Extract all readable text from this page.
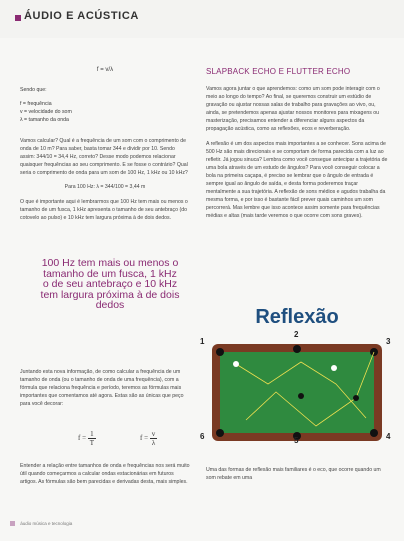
ÁUDIO E ACÚSTICA
f = v/λ
Sendo que:
f = frequência
v = velocidade do som
λ = tamanho da onda

Vamos calcular? Qual é a frequência de um som com o comprimento de onda de 10 m? Para saber, basta tomar 344 e dividir por 10. Sendo assim: 344/10 = 34,4 Hz, correto? Desse modo podemos relacionar quaisquer frequências ao seu comprimento. E se fosse o contrário? Qual seria o comprimento de onda para um som de 100 Hz, 1 kHz ou 10 kHz?

Para 100 Hz: λ = 344/100 = 3,44 m

O que é importante aqui é lembrarmos que 100 Hz tem mais ou menos o tamanho de um fusca, 1 kHz apresenta o tamanho de seu antebraço (do cotovelo ao pulso) e 10 kHz tem largura próxima à de dois dedos.

100 Hz tem mais ou menos o tamanho de um fusca, 1 kHz o de seu antebraço e 10 kHz tem largura próxima à de dois dedos

Juntando esta nova informação, de como calcular a frequência de um tamanho de onda (ou o tamanho de onda de uma frequência), com a fórmula que relaciona frequência e período, teremos as fórmulas mais importantes que comentamos até agora. Estas são as únicas que peço para você decorar:

$f = \frac{1}{T}$	$f = \frac{v}{\lambda}$

Entender a relação entre tamanhos de onda e frequências nos será muito útil quando começarmos a calcular ondas estacionárias em futuros artigos. As fórmulas são bem parecidas e derivadas desta, mais simples.

SLAPBACK ECHO E FLUTTER ECHO

Vamos agora juntar o que aprendemos: como um som pode interagir com o meio ao longo do tempo? Ao final, se queremos construir um estúdio de gravação ou ajustar nossas salas de trabalho para gravações ao vivo, ou, ainda, se pretendemos apenas ajustar nossos monitores para mixagens ou masterização, precisamos entender a diferenciar alguns aspectos da propagação acústica, como as reflexões, ecos e reverberação.

A reflexão é um dos aspectos mais importantes a se conhecer. Sons acima de 500 Hz são mais direcionais e se comportam de forma parecida com a luz ao refletir. Já jogou sinuca? Lembra como você consegue antecipar a trajetória de uma bola através de um estudo de ângulos? Para você conseguir colocar a bola na primeira caçapa, é preciso se lembrar que o ângulo de entrada é sempre igual ao ângulo de saída, e desta forma poderemos traçar mentalmente a sua trajetória. A reflexão de sons médios e agudos trabalha da mesma forma, e por isso é bastante fácil prever quais caminhos um som percorrerá. Mas lembre que isso acontece assim somente para frequências médias e altas (mais tarde veremos o que ocorre com sons graves).

Reflexão
1
2
3
4
5
6

Uma das formas de reflexão mais familiares é o eco, que ocorre quando um som rebate em uma

áudio música e tecnologia
